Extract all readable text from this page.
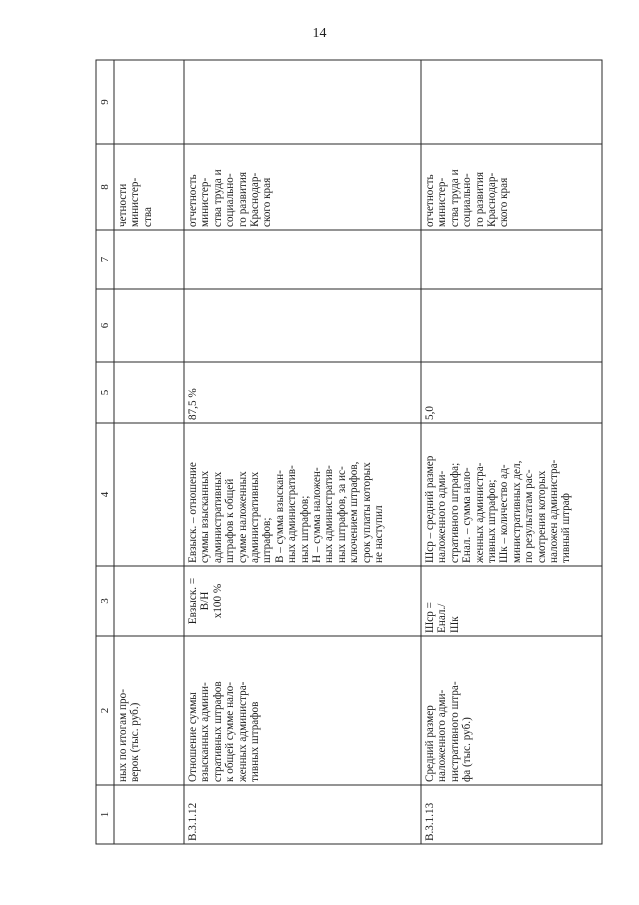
14
9
8
7
6
5
4
3
2
1
ных по итогам про-
верок (тыс. руб.)
четности
министер-
ства
В.3.1.12
Отношение суммы
взысканных админи-
стративных штрафов
к общей сумме нало-
женных администра-
тивных штрафов
Евзыск. =
В/Н
х100 %
Евзыск. – отношение
суммы взысканных
административных
штрафов к общей
сумме наложенных
административных
штрафов;
В – сумма взыскан-
ных административ-
ных штрафов;
Н – сумма наложен-
ных административ-
ных штрафов, за ис-
ключением штрафов,
срок уплаты которых
не наступил
87,5 %
отчетность
министер-
ства труда и
социально-
го развития
Краснодар-
ского края
В.3.1.13
Средний размер
наложенного адми-
нистративного штра-
фа (тыс. руб.)
Шср =
Енал./
Шк
Шср – средний размер
наложенного адми-
стративного штрафа;
Енал. – сумма нало-
женных администра-
тивных штрафов;
Шк – количество ад-
министративных дел,
по результатам рас-
смотрения которых
наложен администра-
тивный штраф
5,0
отчетность
министер-
ства труда и
социально-
го развития
Краснодар-
ского края
